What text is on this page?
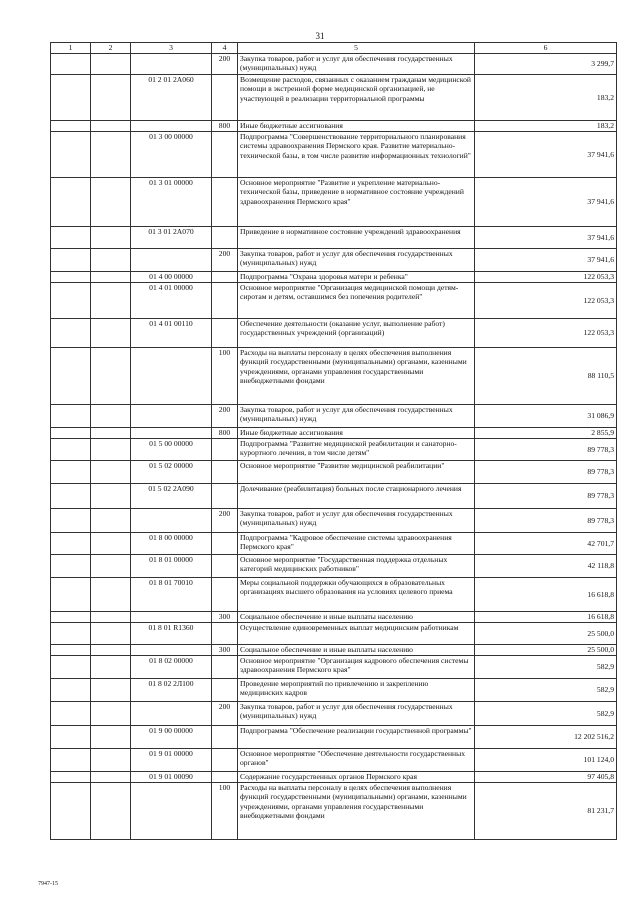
31
1	2	3	4	5	6
			200	Закупка товаров, работ и услуг для обеспечения государственных (муниципальных) нужд	3 299,7
		01 2 01 2А060		Возмещение расходов, связанных с оказанием гражданам медицинской помощи в экстренной форме медицинской организацией, не участвующей в реализации территориальной программы	183,2
			800	Иные бюджетные ассигнования	183,2
		01 3 00 00000		Подпрограмма "Совершенствование территориального планирования системы здравоохранения Пермского края. Развитие материально-технической базы, в том числе развитие информационных технологий"	37 941,6
		01 3 01 00000		Основное мероприятие "Развитие и укрепление материально-технической базы, приведение в нормативное состояние учреждений здравоохранения Пермского края"	37 941,6
		01 3 01 2А070		Приведение в нормативное состояние учреждений здравоохранения	37 941,6
			200	Закупка товаров, работ и услуг для обеспечения государственных (муниципальных) нужд	37 941,6
		01 4 00 00000		Подпрограмма "Охрана здоровья матери и ребенка"	122 053,3
		01 4 01 00000		Основное мероприятие "Организация медицинской помощи детям-сиротам и детям, оставшимся без попечения родителей"	122 053,3
		01 4 01 00110		Обеспечение деятельности (оказание услуг, выполнение работ) государственных учреждений (организаций)	122 053,3
			100	Расходы на выплаты персоналу в целях обеспечения выполнения функций государственными (муниципальными) органами, казенными учреждениями, органами управления государственными внебюджетными фондами	88 110,5
			200	Закупка товаров, работ и услуг для обеспечения государственных (муниципальных) нужд	31 086,9
			800	Иные бюджетные ассигнования	2 855,9
		01 5 00 00000		Подпрограмма "Развитие медицинской реабилитации и санаторно-курортного лечения, в том числе детям"	89 778,3
		01 5 02 00000		Основное мероприятие "Развитие медицинской реабилитации"	89 778,3
		01 5 02 2А090		Долечивание (реабилитация) больных после стационарного лечения	89 778,3
			200	Закупка товаров, работ и услуг для обеспечения государственных (муниципальных) нужд	89 778,3
		01 8 00 00000		Подпрограмма "Кадровое обеспечение системы здравоохранения Пермского края"	42 701,7
		01 8 01 00000		Основное мероприятие "Государственная поддержка отдельных категорий медицинских работников"	42 118,8
		01 8 01 70010		Меры социальной поддержки обучающихся в образовательных организациях высшего образования на условиях целевого приема	16 618,8
			300	Социальное обеспечение и иные выплаты населению	16 618,8
		01 8 01 R1360		Осуществление единовременных выплат медицинским работникам	25 500,0
			300	Социальное обеспечение и иные выплаты населению	25 500,0
		01 8 02 00000		Основное мероприятие "Организация кадрового обеспечения системы здравоохранения Пермского края"	582,9
		01 8 02 2Л100		Проведение мероприятий по привлечению и закреплению медицинских кадров	582,9
			200	Закупка товаров, работ и услуг для обеспечения государственных (муниципальных) нужд	582,9
		01 9 00 00000		Подпрограмма "Обеспечение реализации государственной программы"	12 202 516,2
		01 9 01 00000		Основное мероприятие "Обеспечение деятельности государственных органов"	101 124,0
		01 9 01 00090		Содержание государственных органов Пермского края	97 405,8
			100	Расходы на выплаты персоналу в целях обеспечения выполнения функций государственными (муниципальными) органами, казенными учреждениями, органами управления государственными внебюджетными фондами	81 231,7
7947-15
